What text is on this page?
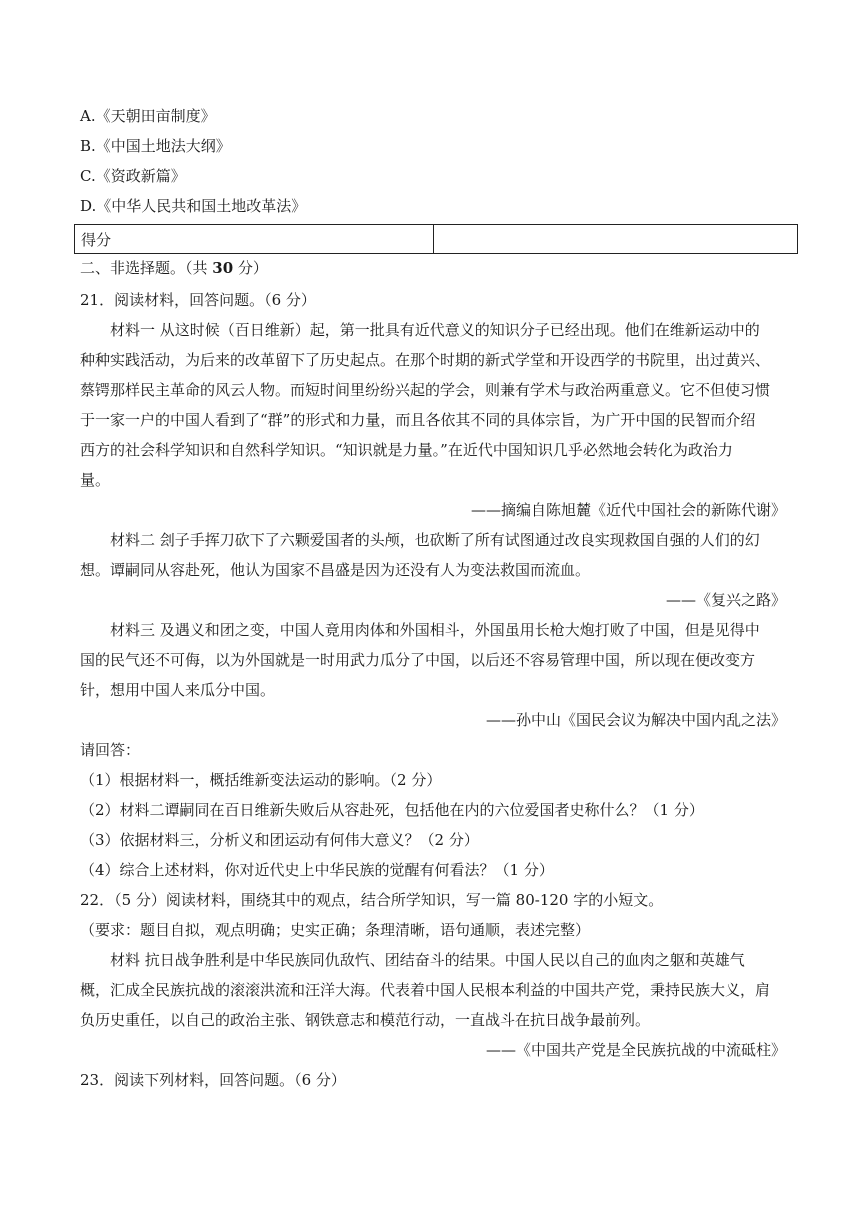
A.《天朝田亩制度》
B.《中国土地法大纲》
C.《资政新篇》
D.《中华人民共和国土地改革法》
得分	
二、非选择题。（共 30 分）
21．阅读材料，回答问题。（6 分）
材料一 从这时候（百日维新）起，第一批具有近代意义的知识分子已经出现。他们在维新运动中的
种种实践活动，为后来的改革留下了历史起点。在那个时期的新式学堂和开设西学的书院里，出过黄兴、
蔡锷那样民主革命的风云人物。而短时间里纷纷兴起的学会，则兼有学术与政治两重意义。它不但使习惯
于一家一户的中国人看到了“群”的形式和力量，而且各依其不同的具体宗旨，为广开中国的民智而介绍
西方的社会科学知识和自然科学知识。“知识就是力量。”在近代中国知识几乎必然地会转化为政治力
量。
——摘编自陈旭麓《近代中国社会的新陈代谢》
材料二 刽子手挥刀砍下了六颗爱国者的头颅，也砍断了所有试图通过改良实现救国自强的人们的幻
想。谭嗣同从容赴死，他认为国家不昌盛是因为还没有人为变法救国而流血。
——《复兴之路》
材料三 及遇义和团之变，中国人竟用肉体和外国相斗，外国虽用长枪大炮打败了中国，但是见得中
国的民气还不可侮，以为外国就是一时用武力瓜分了中国，以后还不容易管理中国，所以现在便改变方
针，想用中国人来瓜分中国。
——孙中山《国民会议为解决中国内乱之法》
请回答：
（1）根据材料一，概括维新变法运动的影响。（2 分）
（2）材料二谭嗣同在百日维新失败后从容赴死，包括他在内的六位爱国者史称什么？（1 分）
（3）依据材料三，分析义和团运动有何伟大意义？（2 分）
（4）综合上述材料，你对近代史上中华民族的觉醒有何看法？（1 分）
22．（5 分）阅读材料，围绕其中的观点，结合所学知识，写一篇 80-120 字的小短文。
（要求：题目自拟，观点明确；史实正确；条理清晰，语句通顺，表述完整）
材料 抗日战争胜利是中华民族同仇敌忾、团结奋斗的结果。中国人民以自己的血肉之躯和英雄气
概，汇成全民族抗战的滚滚洪流和汪洋大海。代表着中国人民根本利益的中国共产党，秉持民族大义，肩
负历史重任，以自己的政治主张、钢铁意志和模范行动，一直战斗在抗日战争最前列。
——《中国共产党是全民族抗战的中流砥柱》
23．阅读下列材料，回答问题。（6 分）
